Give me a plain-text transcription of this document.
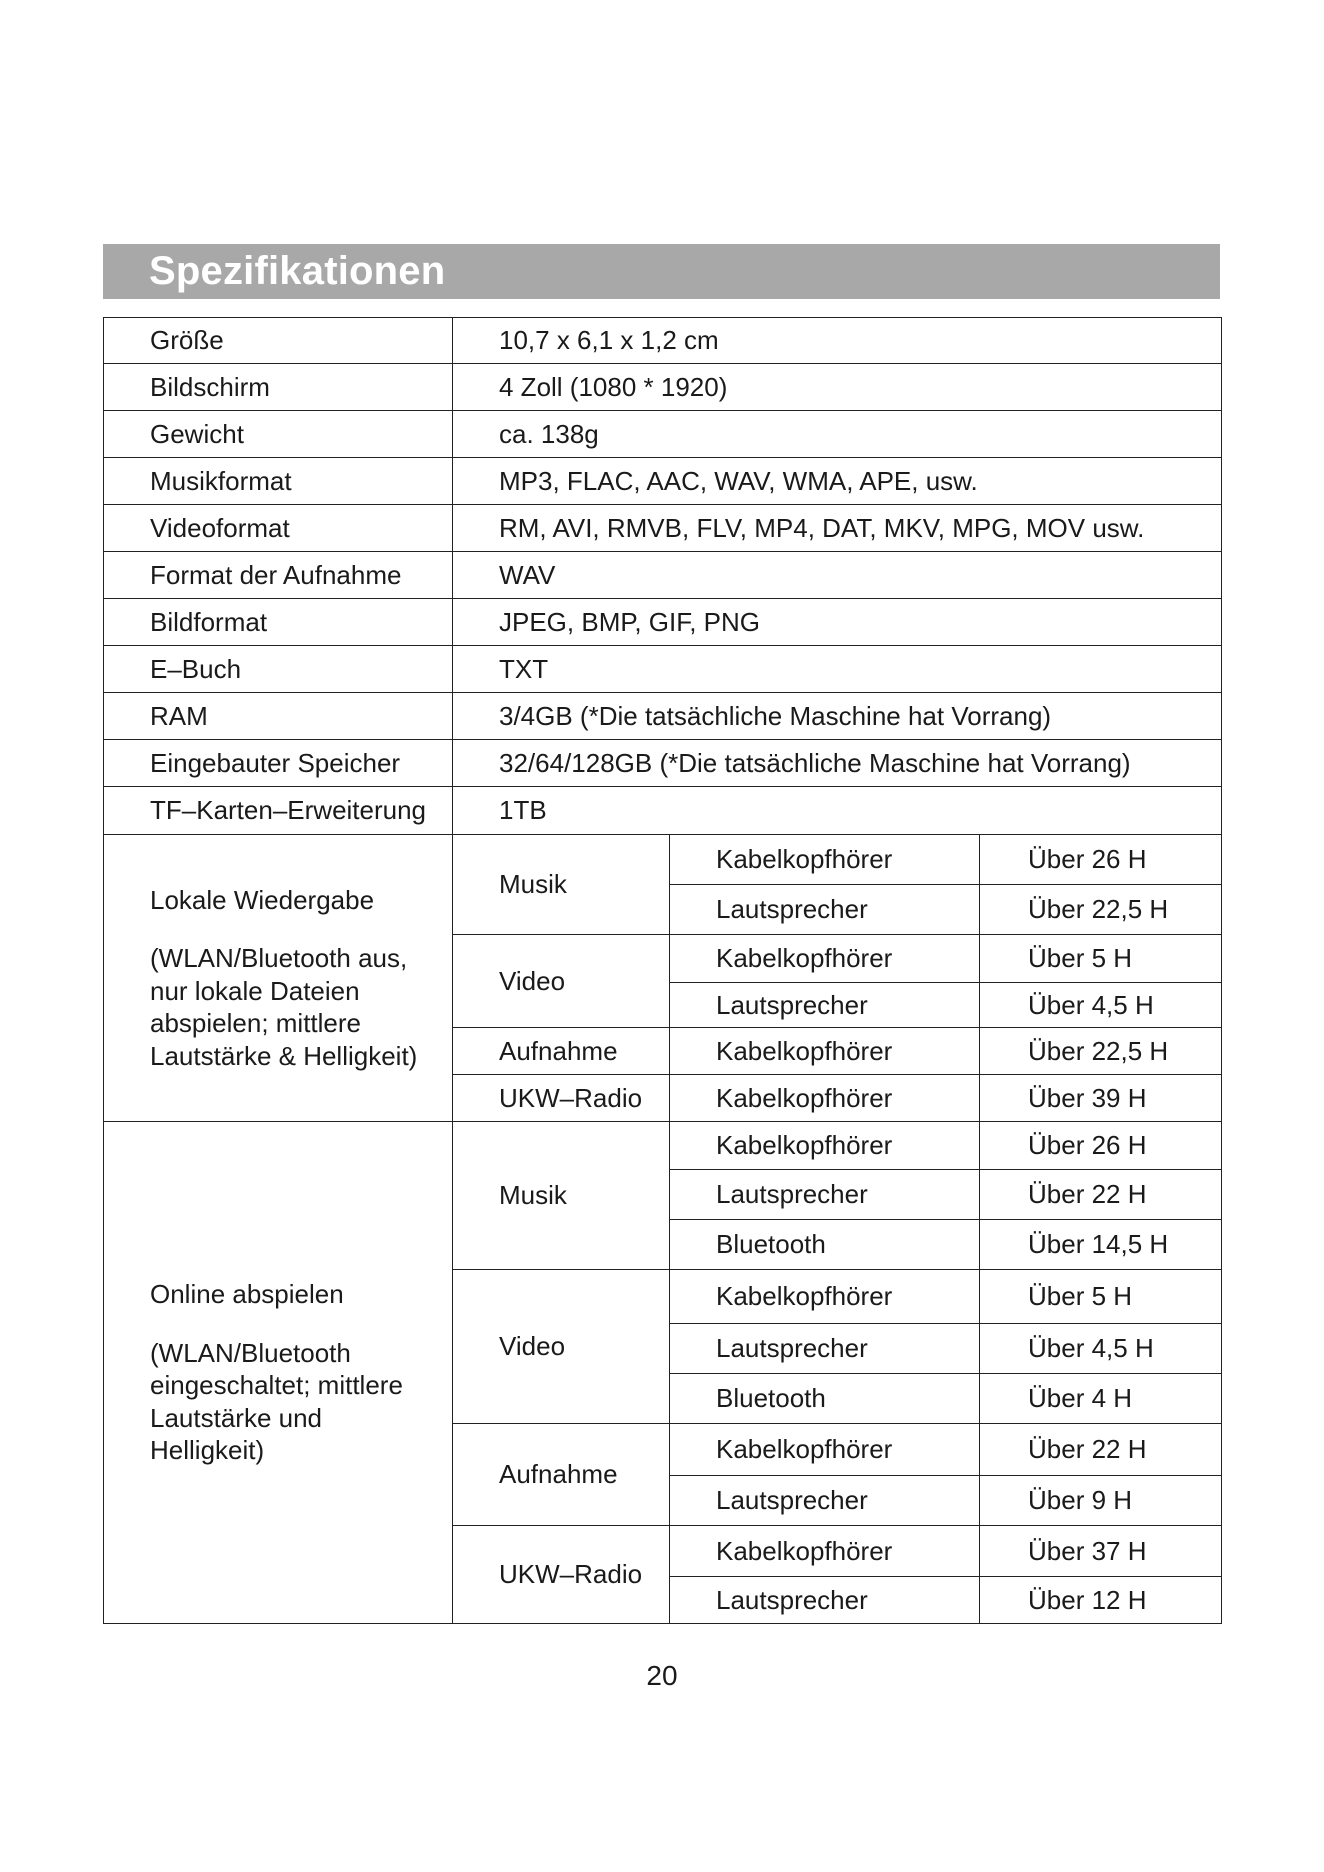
Spezifikationen
Größe	10,7 x 6,1 x 1,2 cm		
Bildschirm	4 Zoll (1080 * 1920)		
Gewicht	ca. 138g		
Musikformat	MP3, FLAC, AAC, WAV, WMA, APE, usw.		
Videoformat	RM, AVI, RMVB, FLV, MP4, DAT, MKV, MPG, MOV usw.		
Format der Aufnahme	WAV		
Bildformat	JPEG, BMP, GIF, PNG		
E–Buch	TXT		
RAM	3/4GB (*Die tatsächliche Maschine hat Vorrang)		
Eingebauter Speicher	32/64/128GB (*Die tatsächliche Maschine hat Vorrang)		
TF–Karten–Erweiterung	1TB		

Lokale Wiedergabe
(WLAN/Bluetooth aus,
nur lokale Dateien
abspielen; mittlere
Lautstärke & Helligkeit)	Musik	Kabelkopfhörer	Über 26 H
		Lautsprecher	Über 22,5 H
	Video	Kabelkopfhörer	Über 5 H
		Lautsprecher	Über 4,5 H
	Aufnahme	Kabelkopfhörer	Über 22,5 H
	UKW–Radio	Kabelkopfhörer	Über 39 H

Online abspielen
(WLAN/Bluetooth
eingeschaltet; mittlere
Lautstärke und
Helligkeit)	Musik	Kabelkopfhörer	Über 26 H
		Lautsprecher	Über 22 H
		Bluetooth	Über 14,5 H
	Video	Kabelkopfhörer	Über 5 H
		Lautsprecher	Über 4,5 H
		Bluetooth	Über 4 H
	Aufnahme	Kabelkopfhörer	Über 22 H
		Lautsprecher	Über 9 H
	UKW–Radio	Kabelkopfhörer	Über 37 H
		Lautsprecher	Über 12 H
20
